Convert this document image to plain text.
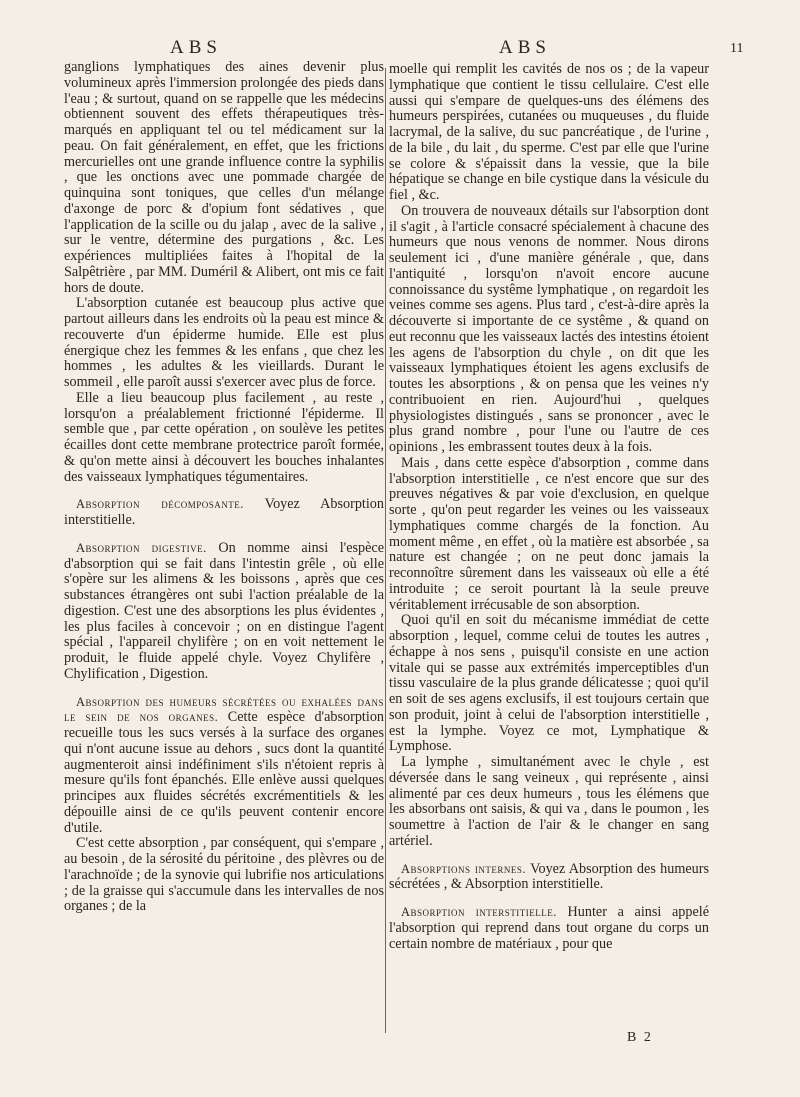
ABS	ABS	11

ganglions lymphatiques des aines devenir plus volumineux après l'immersion prolongée des pieds dans l'eau ; & surtout, quand on se rappelle que les médecins obtiennent souvent des effets thérapeutiques très-marqués en appliquant tel ou tel médicament sur la peau. On fait généralement, en effet, que les frictions mercurielles ont une grande influence contre la syphilis , que les onctions avec une pommade chargée de quinquina sont toniques, que celles d'un mélange d'axonge de porc & d'opium font sédatives , que l'application de la scille ou du jalap , avec de la salive , sur le ventre, détermine des purgations , &c. Les expériences multipliées faites à l'hopital de la Salpêtrière , par MM. Duméril & Alibert, ont mis ce fait hors de doute.

L'absorption cutanée est beaucoup plus active que partout ailleurs dans les endroits où la peau est mince & recouverte d'un épiderme humide. Elle est plus énergique chez les femmes & les enfans , que chez les hommes , les adultes & les vieillards. Durant le sommeil , elle paroît aussi s'exercer avec plus de force.

Elle a lieu beaucoup plus facilement , au reste , lorsqu'on a préalablement frictionné l'épiderme. Il semble que , par cette opération , on soulève les petites écailles dont cette membrane protectrice paroît formée, & qu'on mette ainsi à découvert les bouches inhalantes des vaisseaux lymphatiques tégumentaires.

Absorption décomposante. Voyez Absorption interstitielle.

Absorption digestive. On nomme ainsi l'espèce d'absorption qui se fait dans l'intestin grêle , où elle s'opère sur les alimens & les boissons , après que ces substances étrangères ont subi l'action préalable de la digestion. C'est une des absorptions les plus évidentes , les plus faciles à concevoir ; on en distingue l'agent spécial , l'appareil chylifère ; on en voit nettement le produit, le fluide appelé chyle. Voyez Chylifère , Chylification , Digestion.

Absorption des humeurs sécrétées ou exhalées dans le sein de nos organes. Cette espèce d'absorption recueille tous les sucs versés à la surface des organes qui n'ont aucune issue au dehors , sucs dont la quantité augmenteroit ainsi indéfiniment s'ils n'étoient repris à mesure qu'ils font épanchés. Elle enlève aussi quelques principes aux fluides sécrétés excrémentitiels & les dépouille ainsi de ce qu'ils peuvent contenir encore d'utile.

C'est cette absorption , par conséquent, qui s'empare , au besoin , de la sérosité du péritoine , des plèvres ou de l'arachnoïde ; de la synovie qui lubrifie nos articulations ; de la graisse qui s'accumule dans les intervalles de nos organes ; de la

moelle qui remplit les cavités de nos os ; de la vapeur lymphatique que contient le tissu cellulaire. C'est elle aussi qui s'empare de quelques-uns des élémens des humeurs perspirées, cutanées ou muqueuses , du fluide lacrymal, de la salive, du suc pancréatique , de l'urine , de la bile , du lait , du sperme. C'est par elle que l'urine se colore & s'épaissit dans la vessie, que la bile hépatique se change en bile cystique dans la vésicule du fiel , &c.

On trouvera de nouveaux détails sur l'absorption dont il s'agit , à l'article consacré spécialement à chacune des humeurs que nous venons de nommer. Nous dirons seulement ici , d'une manière générale , que, dans l'antiquité , lorsqu'on n'avoit encore aucune connoissance du systême lymphatique , on regardoit les veines comme ses agens. Plus tard , c'est-à-dire après la découverte si importante de ce systême , & quand on eut reconnu que les vaisseaux lactés des intestins étoient les agens de l'absorption du chyle , on dit que les vaisseaux lymphatiques étoient les agens exclusifs de toutes les absorptions , & on pensa que les veines n'y contribuoient en rien. Aujourd'hui , quelques physiologistes distingués , sans se prononcer , avec le plus grand nombre , pour l'une ou l'autre de ces opinions , les embrassent toutes deux à la fois.

Mais , dans cette espèce d'absorption , comme dans l'absorption interstitielle , ce n'est encore que sur des preuves négatives & par voie d'exclusion, en quelque sorte , qu'on peut regarder les veines ou les vaisseaux lymphatiques comme chargés de la fonction. Au moment même , en effet , où la matière est absorbée , sa nature est changée ; on ne peut donc jamais la reconnoître sûrement dans les vaisseaux où elle a été introduite ; ce seroit pourtant là la seule preuve véritablement irrécusable de son absorption.

Quoi qu'il en soit du mécanisme immédiat de cette absorption , lequel, comme celui de toutes les autres , échappe à nos sens , puisqu'il consiste en une action vitale qui se passe aux extrémités imperceptibles d'un tissu vasculaire de la plus grande délicatesse ; quoi qu'il en soit de ses agens exclusifs, il est toujours certain que son produit, joint à celui de l'absorption interstitielle , est la lymphe. Voyez ce mot, Lymphatique & Lymphose.

La lymphe , simultanément avec le chyle , est déversée dans le sang veineux , qui représente , ainsi alimenté par ces deux humeurs , tous les élémens que les absorbans ont saisis, & qui va , dans le poumon , les soumettre à l'action de l'air & le changer en sang artériel.

Absorptions internes. Voyez Absorption des humeurs sécrétées , & Absorption interstitielle.

Absorption interstitielle. Hunter a ainsi appelé l'absorption qui reprend dans tout organe du corps un certain nombre de matériaux , pour que

B 2
